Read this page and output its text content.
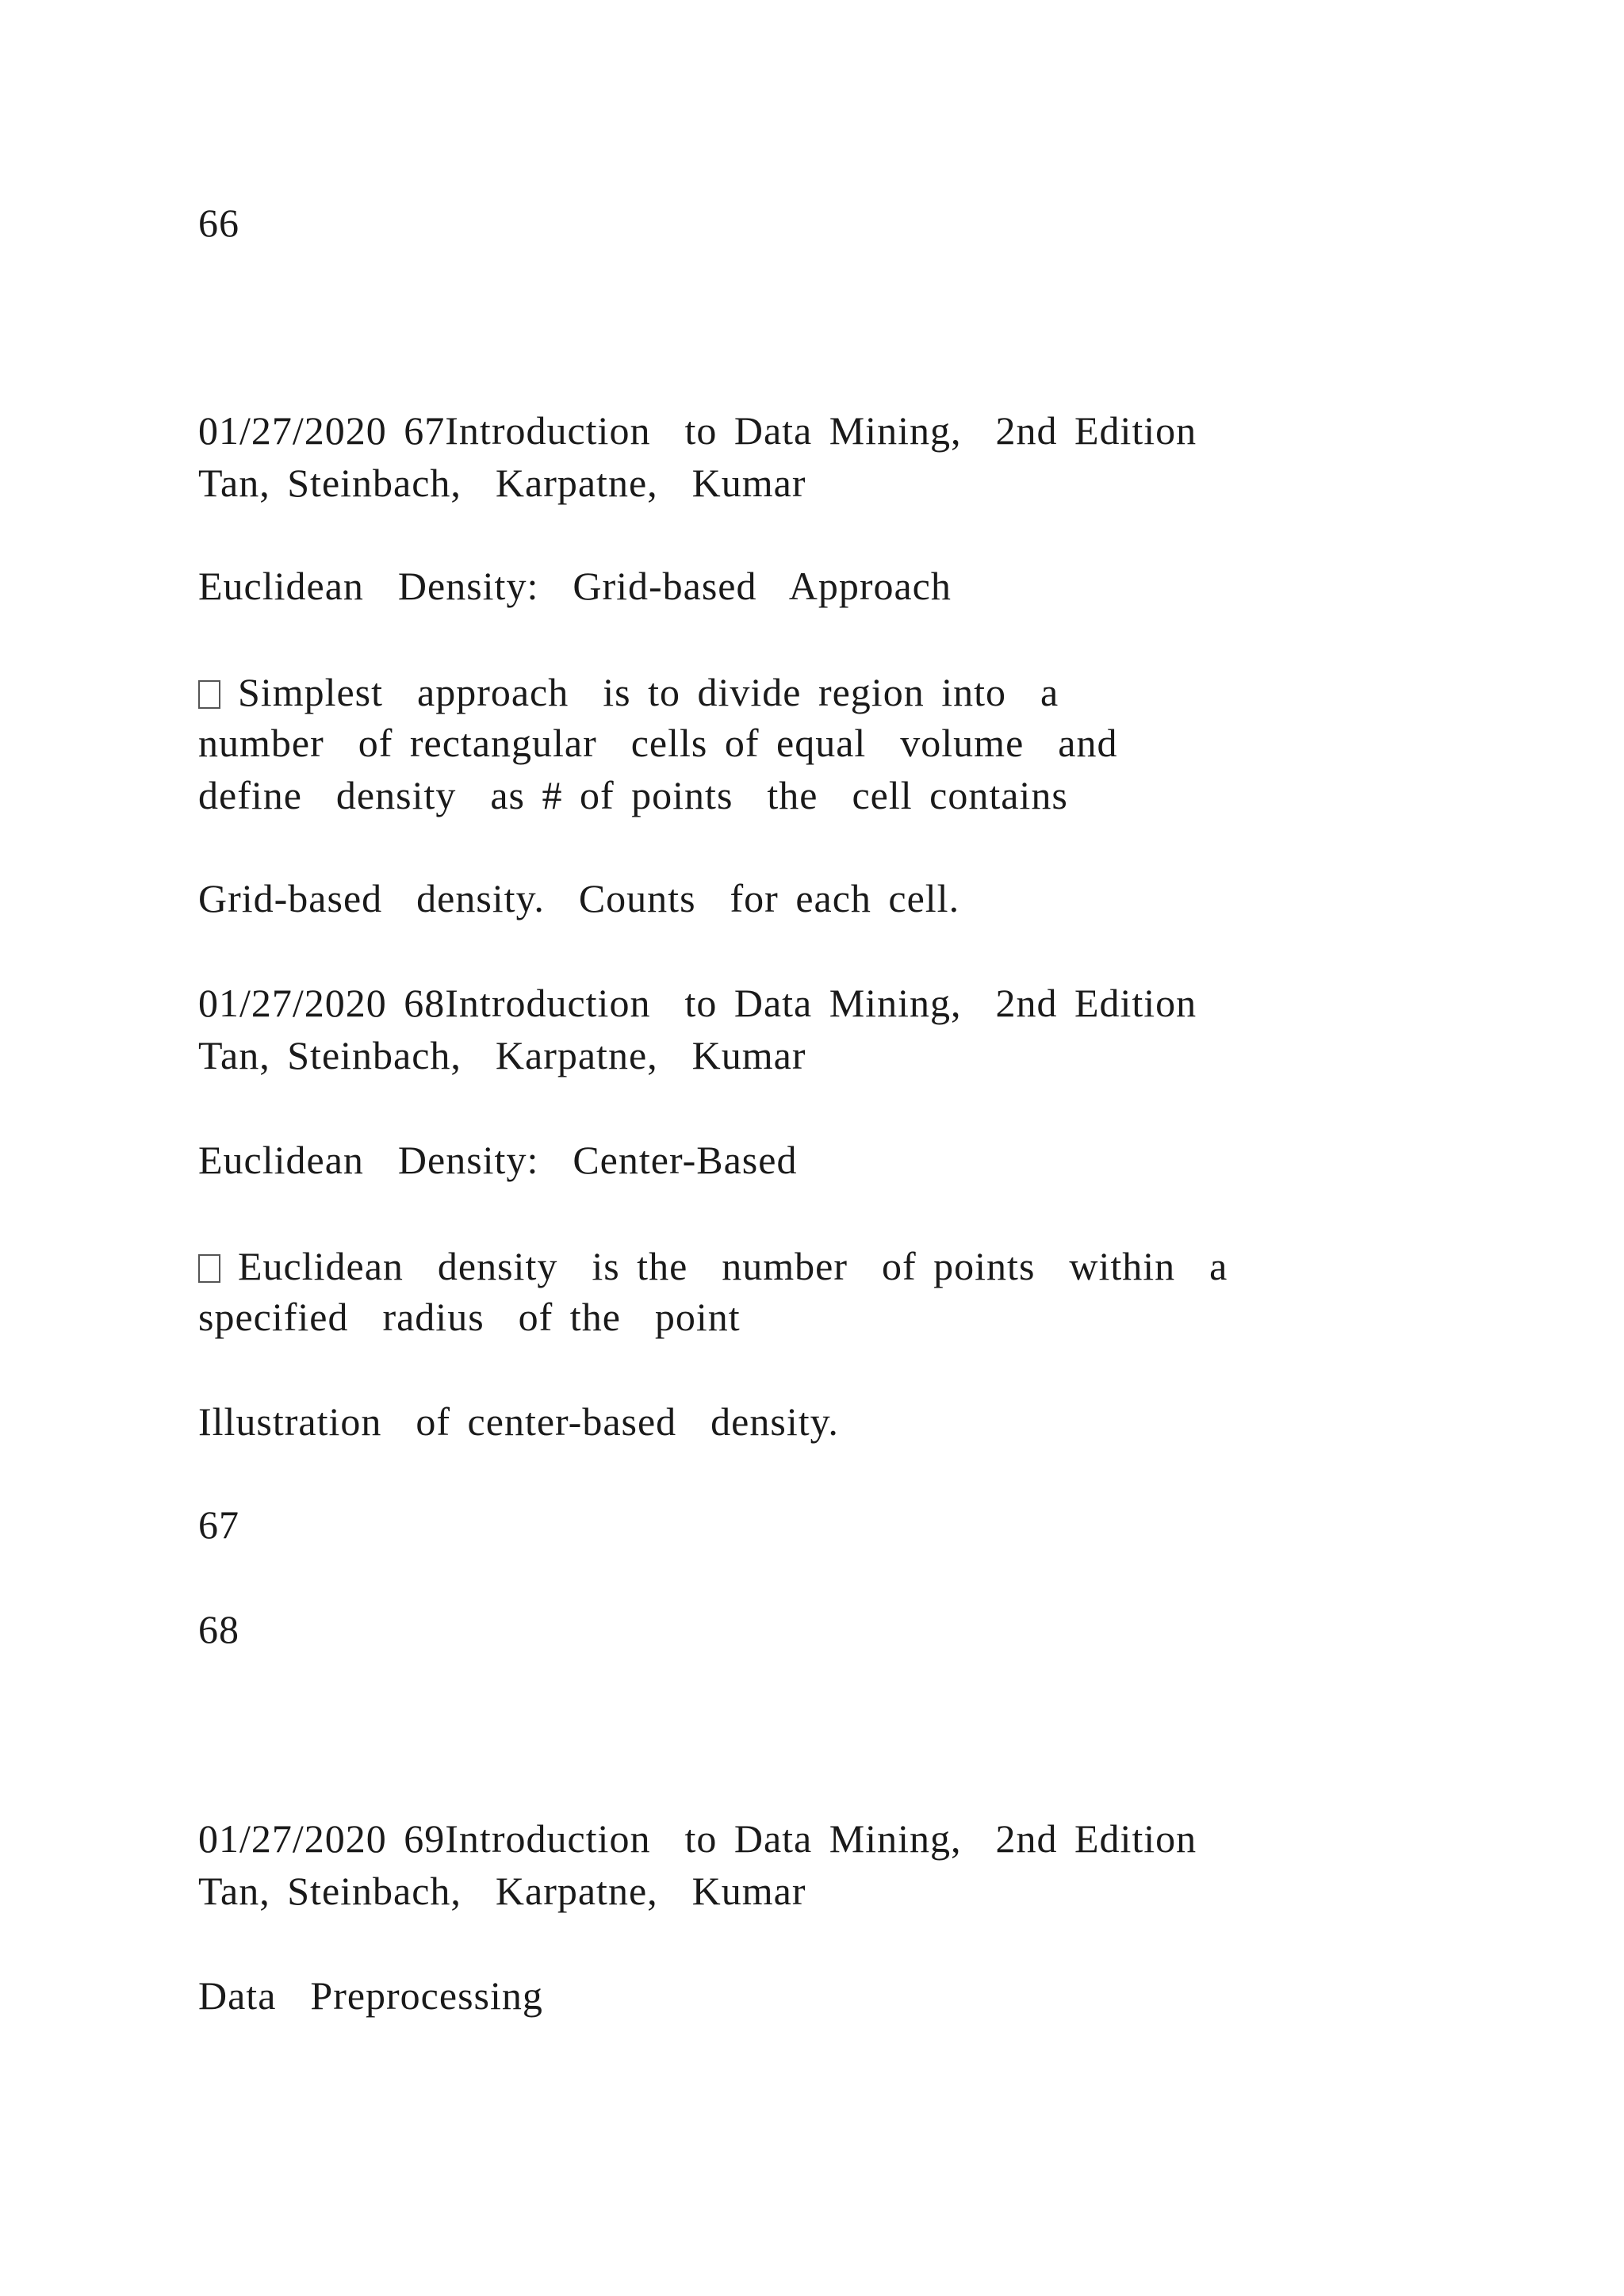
66
01/27/2020 67Introduction  to Data Mining,  2nd Edition
Tan, Steinbach,  Karpatne,  Kumar
Euclidean  Density:  Grid-based  Approach
Simplest  approach  is to divide region into  a
number  of rectangular  cells of equal  volume  and
define  density  as # of points  the  cell contains
Grid-based  density.  Counts  for each cell.
01/27/2020 68Introduction  to Data Mining,  2nd Edition
Tan, Steinbach,  Karpatne,  Kumar
Euclidean  Density:  Center-Based
Euclidean  density  is the  number  of points  within  a
specified  radius  of the  point
Illustration  of center-based  density.
67
68
01/27/2020 69Introduction  to Data Mining,  2nd Edition
Tan, Steinbach,  Karpatne,  Kumar
Data  Preprocessing
